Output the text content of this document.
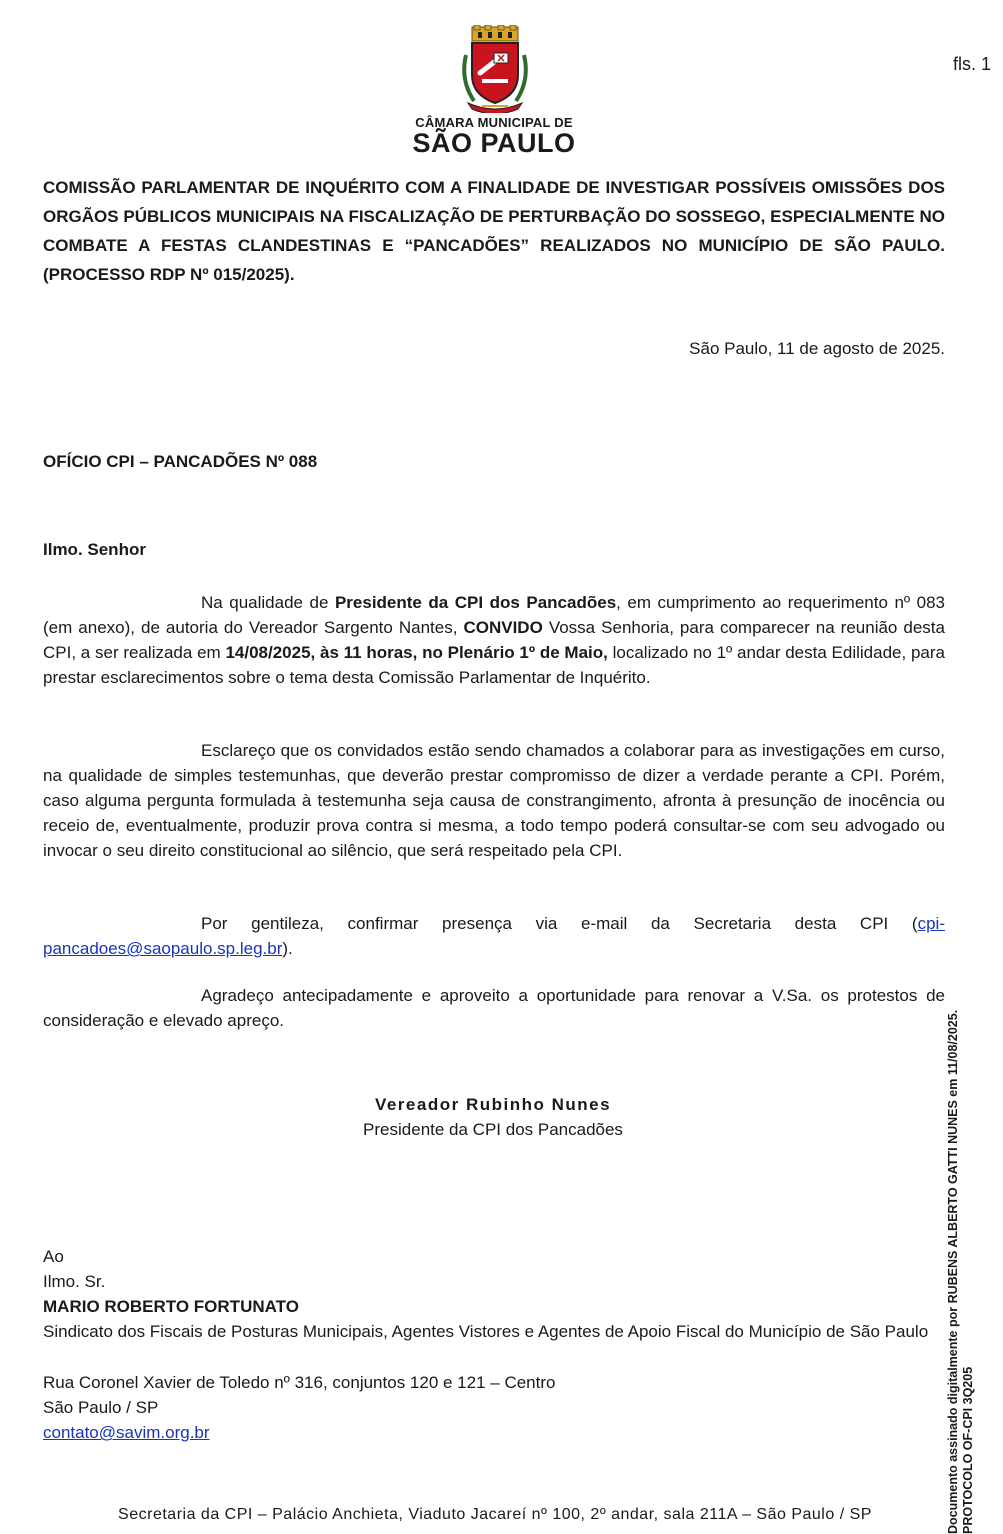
CÂMARA MUNICIPAL DE
SÃO PAULO
fls. 1
COMISSÃO PARLAMENTAR DE INQUÉRITO COM A FINALIDADE DE INVESTIGAR POSSÍVEIS OMISSÕES DOS ORGÃOS PÚBLICOS MUNICIPAIS NA FISCALIZAÇÃO DE PERTURBAÇÃO DO SOSSEGO, ESPECIALMENTE NO COMBATE A FESTAS CLANDESTINAS E “PANCADÕES” REALIZADOS NO MUNICÍPIO DE SÃO PAULO. (PROCESSO RDP Nº 015/2025).
São Paulo, 11 de agosto de 2025.
OFÍCIO CPI – PANCADÕES Nº 088
Ilmo. Senhor
Na qualidade de Presidente da CPI dos Pancadões, em cumprimento ao requerimento nº 083 (em anexo), de autoria do Vereador Sargento Nantes, CONVIDO Vossa Senhoria, para comparecer na reunião desta CPI, a ser realizada em 14/08/2025, às 11 horas, no Plenário 1º de Maio, localizado no 1º andar desta Edilidade, para prestar esclarecimentos sobre o tema desta Comissão Parlamentar de Inquérito.
Esclareço que os convidados estão sendo chamados a colaborar para as investigações em curso, na qualidade de simples testemunhas, que deverão prestar compromisso de dizer a verdade perante a CPI. Porém, caso alguma pergunta formulada à testemunha seja causa de constrangimento, afronta à presunção de inocência ou receio de, eventualmente, produzir prova contra si mesma, a todo tempo poderá consultar-se com seu advogado ou invocar o seu direito constitucional ao silêncio, que será respeitado pela CPI.
Por gentileza, confirmar presença via e-mail da Secretaria desta CPI (cpi-pancadoes@saopaulo.sp.leg.br).
Agradeço antecipadamente e aproveito a oportunidade para renovar a V.Sa. os protestos de consideração e elevado apreço.
Vereador Rubinho Nunes
Presidente da CPI dos Pancadões
Ao
Ilmo. Sr.
MARIO ROBERTO FORTUNATO
Sindicato dos Fiscais de Posturas Municipais, Agentes Vistores e Agentes de Apoio Fiscal do Município de São Paulo
Rua Coronel Xavier de Toledo nº 316, conjuntos 120 e 121 – Centro
São Paulo / SP
contato@savim.org.br
Secretaria da CPI – Palácio Anchieta, Viaduto Jacareí nº 100, 2º andar, sala 211A – São Paulo / SP	Documento assinado digitalmente por RUBENS ALBERTO GATTI NUNES em 11/08/2025. PROTOCOLO OF-CPI 3Q205
